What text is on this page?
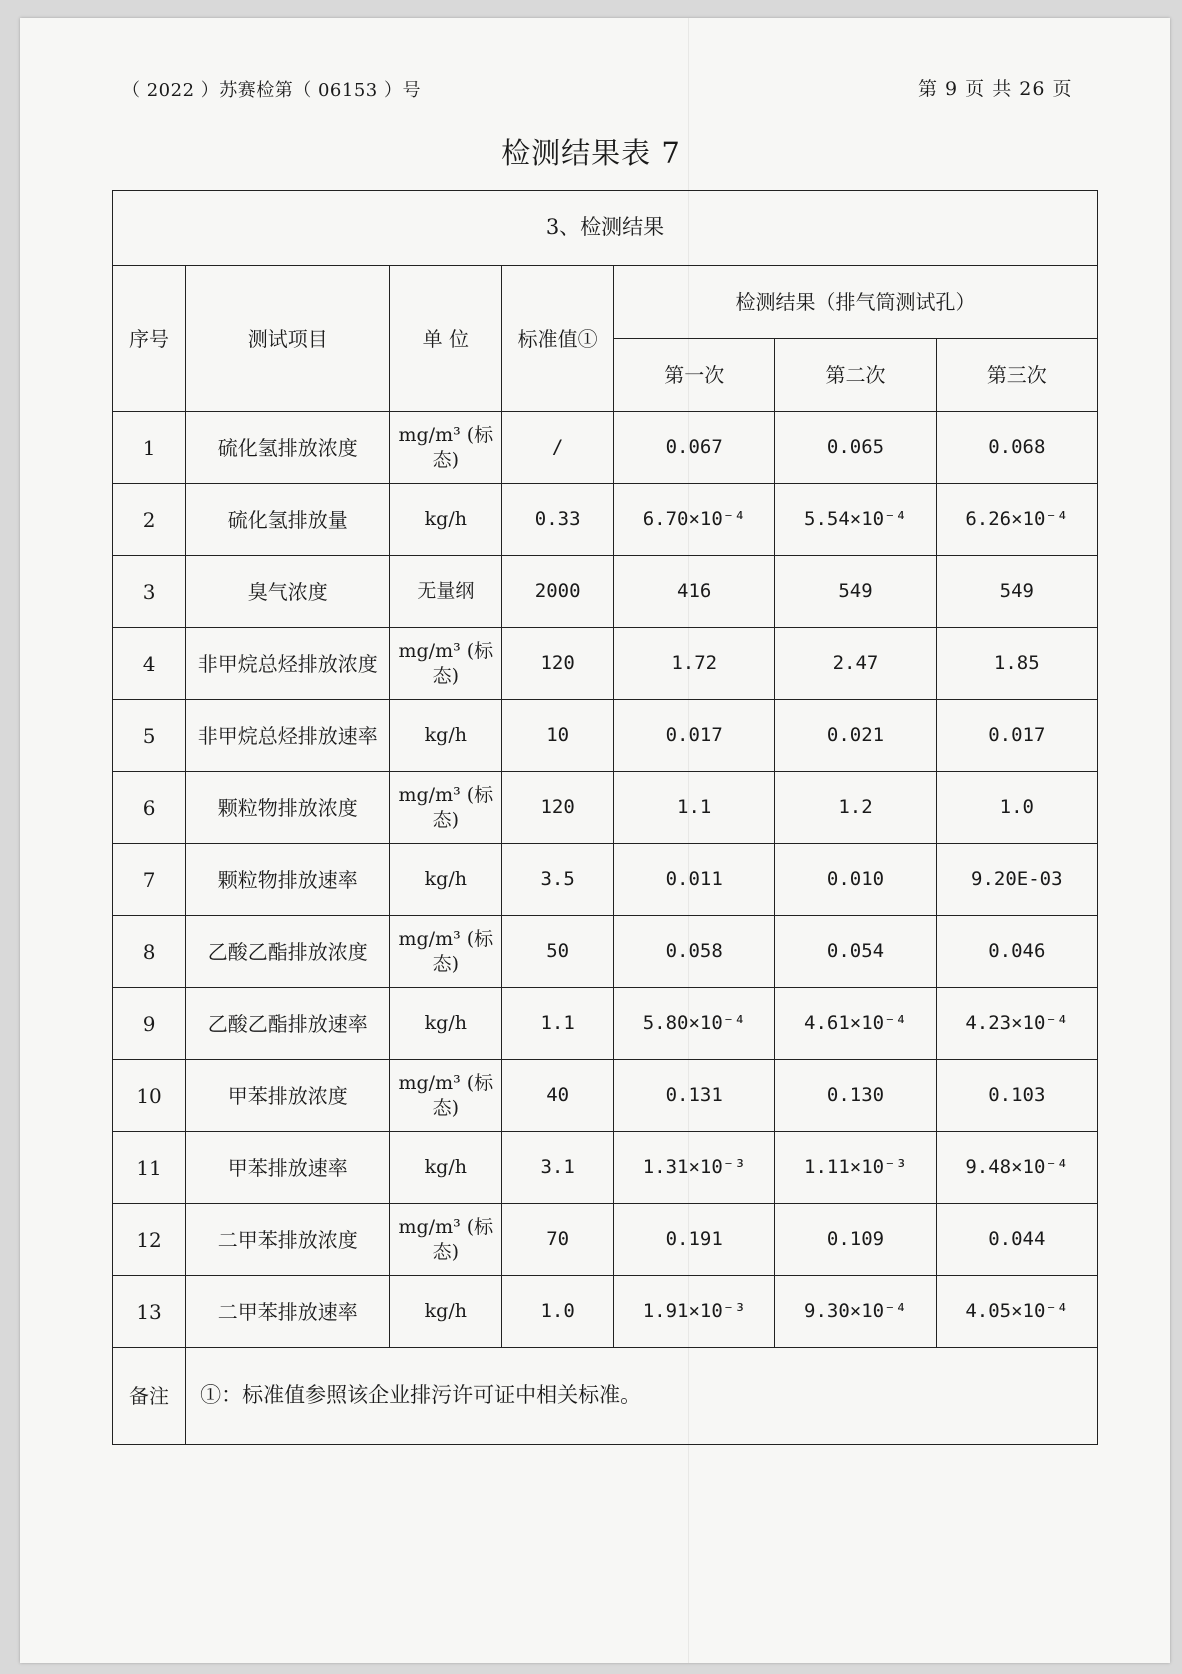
（ 2022 ）苏赛检第（ 06153 ）号	第 9 页 共 26 页
检测结果表 7
3、检测结果						
序号	测试项目	单 位	标准值①	检测结果（排气筒测试孔）		
				第一次	第二次	第三次
1	硫化氢排放浓度	mg/m³ (标态)	/	0.067	0.065	0.068
2	硫化氢排放量	kg/h	0.33	6.70×10⁻⁴	5.54×10⁻⁴	6.26×10⁻⁴
3	臭气浓度	无量纲	2000	416	549	549
4	非甲烷总烃排放浓度	mg/m³ (标态)	120	1.72	2.47	1.85
5	非甲烷总烃排放速率	kg/h	10	0.017	0.021	0.017
6	颗粒物排放浓度	mg/m³ (标态)	120	1.1	1.2	1.0
7	颗粒物排放速率	kg/h	3.5	0.011	0.010	9.20E-03
8	乙酸乙酯排放浓度	mg/m³ (标态)	50	0.058	0.054	0.046
9	乙酸乙酯排放速率	kg/h	1.1	5.80×10⁻⁴	4.61×10⁻⁴	4.23×10⁻⁴
10	甲苯排放浓度	mg/m³ (标态)	40	0.131	0.130	0.103
11	甲苯排放速率	kg/h	3.1	1.31×10⁻³	1.11×10⁻³	9.48×10⁻⁴
12	二甲苯排放浓度	mg/m³ (标态)	70	0.191	0.109	0.044
13	二甲苯排放速率	kg/h	1.0	1.91×10⁻³	9.30×10⁻⁴	4.05×10⁻⁴
备注	①：标准值参照该企业排污许可证中相关标准。					
